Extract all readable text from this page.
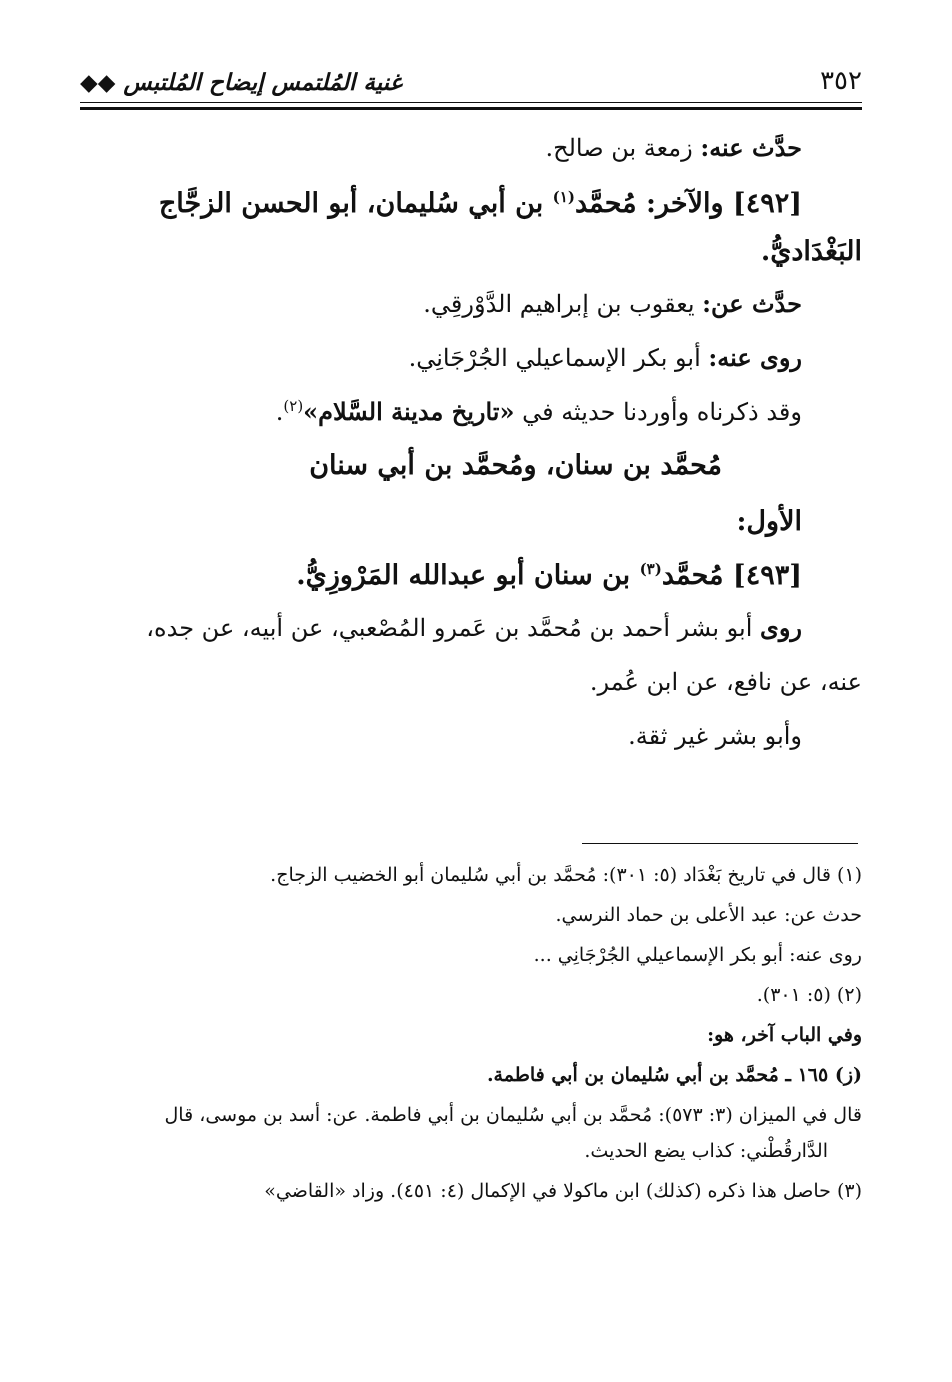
غنية المُلتمس إيضاح المُلتبس ◆◆	٣٥٢

حدَّث عنه: زمعة بن صالح.

[٤٩٢] والآخر: مُحمَّد$^{(١)}$ بن أبي سُليمان، أبو الحسن الزجَّاج

البَغْدَاديُّ.

حدَّث عن: يعقوب بن إبراهيم الدَّوْرقِي.

روى عنه: أبو بكر الإسماعيلي الجُرْجَانِي.

وقد ذكرناه وأوردنا حديثه في «تاريخ مدينة السَّلام»$^{(٢)}$.

مُحمَّد بن سنان، ومُحمَّد بن أبي سنان

الأول:

[٤٩٣] مُحمَّد$^{(٣)}$ بن سنان أبو عبدالله المَرْوزِيُّ.

روى أبو بشر أحمد بن مُحمَّد بن عَمرو المُصْعبي، عن أبيه، عن جده،

عنه، عن نافع، عن ابن عُمر.

وأبو بشر غير ثقة.

(١) قال في تاريخ بَغْدَاد (٥: ٣٠١): مُحمَّد بن أبي سُليمان أبو الخضيب الزجاج.

حدث عن: عبد الأعلى بن حماد النرسي.

روى عنه: أبو بكر الإسماعيلي الجُرْجَانِي ...

(٢) (٥: ٣٠١).

وفي الباب آخر، هو:

(ز) ١٦٥ ـ مُحمَّد بن أبي سُليمان بن أبي فاطمة.

قال في الميزان (٣: ٥٧٣): مُحمَّد بن أبي سُليمان بن أبي فاطمة. عن: أسد بن موسى، قال

الدَّارقُطْني: كذاب يضع الحديث.

(٣) حاصل هذا ذكره (كذلك) ابن ماكولا في الإكمال (٤: ٤٥١). وزاد «القاضي»
